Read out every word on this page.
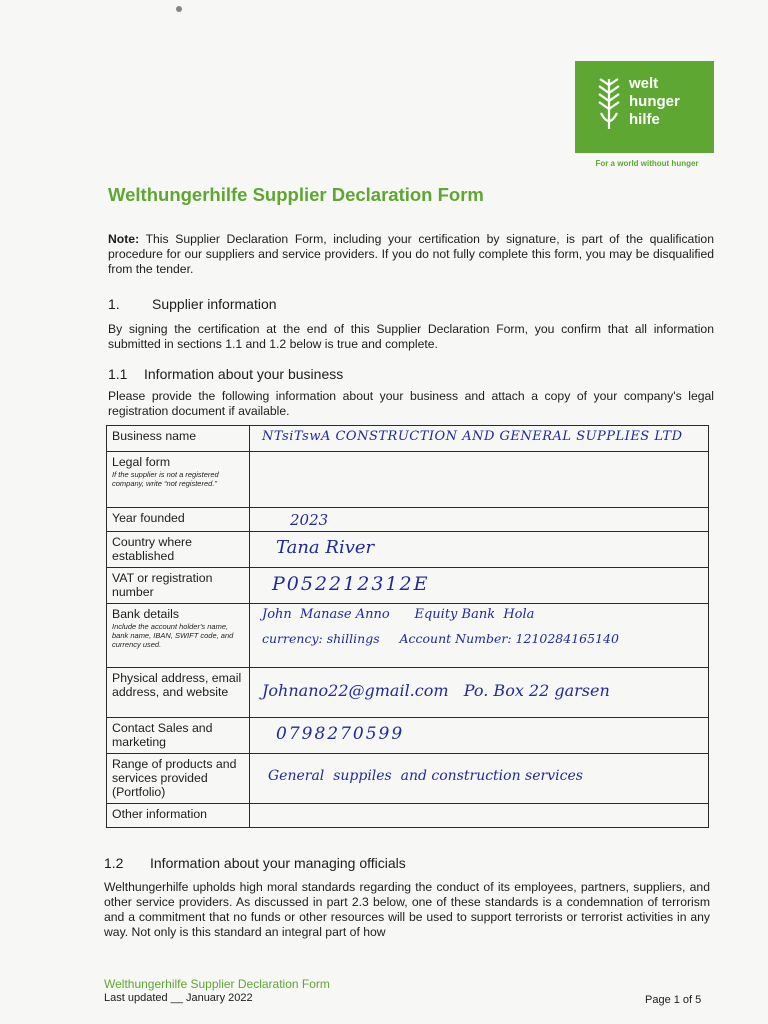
welt
hunger
hilfe
For a world without hunger
Welthungerhilfe Supplier Declaration Form
Note: This Supplier Declaration Form, including your certification by signature, is part of the qualification procedure for our suppliers and service providers. If you do not fully complete this form, you may be disqualified from the tender.
1. Supplier information
By signing the certification at the end of this Supplier Declaration Form, you confirm that all information submitted in sections 1.1 and 1.2 below is true and complete.
1.1 Information about your business
Please provide the following information about your business and attach a copy of your company's legal registration document if available.
Business name	NTsiTswA CONSTRUCTION AND GENERAL SUPPLIES LTD

Legal form
If the supplier is not a registered company, write “not registered.”	

Year founded	2023

Country where established	Tana River

VAT or registration number	P052212312E

Bank details
Include the account holder's name, bank name, IBAN, SWIFT code, and currency used.	John  Manase Anno      Equity Bank  Hola
currency: shillings     Account Number: 1210284165140

Physical address, email address, and website	Johnano22@gmail.com   Po. Box 22 garsen

Contact Sales and marketing	0798270599

Range of products and services provided (Portfolio)	General  suppiles  and construction services

Other information	
1.2 Information about your managing officials
Welthungerhilfe upholds high moral standards regarding the conduct of its employees, partners, suppliers, and other service providers. As discussed in part 2.3 below, one of these standards is a condemnation of terrorism and a commitment that no funds or other resources will be used to support terrorists or terrorist activities in any way. Not only is this standard an integral part of how
Welthungerhilfe Supplier Declaration Form
Last updated __ January 2022	Page 1 of 5
